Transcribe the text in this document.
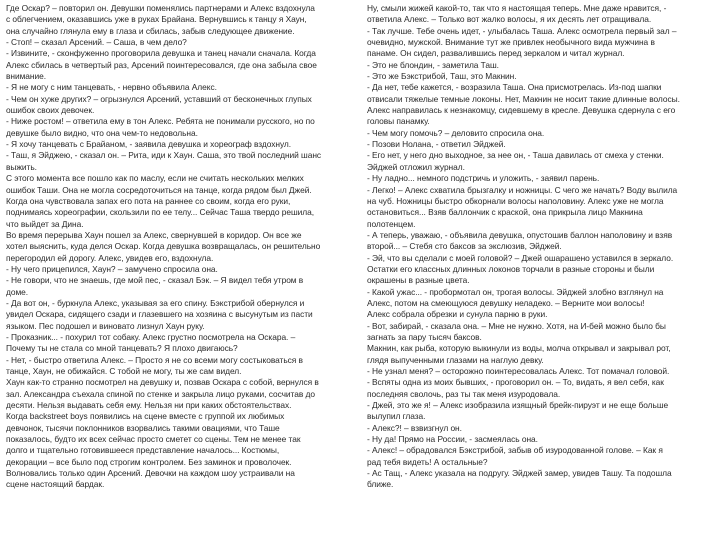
Где Оскар? – повторил он. Девушки поменялись партнерами и Алекс вздохнула
с облегчением, оказавшись уже в руках Брайана. Вернувшись к танцу я Хаун,
она случайно глянула ему в глаза и сбилась, забыв следующее движение.
- Стоп! – сказал Арсений. – Саша, в чем дело?
- Извините, - сконфуженно проговорила девушка и танец начали сначала. Когда
Алекс сбилась в четвертый раз, Арсений поинтересовался, где она забыла свое
внимание.
- Я не могу с ним танцевать, - нервно объявила Алекс.
- Чем он хуже других? – огрызнулся Арсений, уставший от бесконечных глупых
ошибок своих девочек.
- Ниже ростом! – ответила ему в тон Алекс. Ребята не понимали русского, но по
девушке было видно, что она чем-то недовольна.
- Я хочу танцевать с Брайаном, - заявила девушка и хореограф вздохнул.
- Таш, я Эйджею, - сказал он. – Рита, иди к Хаун. Саша, это твой последний шанс
выжить.
С этого момента все пошло как по маслу, если не считать нескольких мелких
ошибок Таши. Она не могла сосредоточиться на танце, когда рядом был Джей.
Когда она чувствовала запах его пота на раннее со своим, когда его руки,
поднимаясь хореографии, скользили по ее телу... Сейчас Таша твердо решила,
что выйдет за Дина.
Во время перерыва Хаун пошел за Алекс, свернувшей в коридор. Он все же
хотел выяснить, куда делся Оскар. Когда девушка возвращалась, он решительно
перегородил ей дорогу. Алекс, увидев его, вздохнула.
- Ну чего прицепился, Хаун? – замучено спросила она.
- Не говори, что не знаешь, где мой пес, - сказал Бэк. – Я видел тебя утром в
доме.
- Да вот он, - буркнула Алекс, указывая за его спину. Бэкстрибой обернулся и
увидел Оскара, сидящего сзади и глазевшего на хозяина с высунутым из пасти
языком. Пес подошел и виновато лизнул Хаун руку.
- Проказник... - похурил тот собаку. Алекс грустно посмотрела на Оскара. –
Почему ты не стала со мной танцевать? Я плохо двигаюсь?
- Нет, - быстро ответила Алекс. – Просто я не со всеми могу состыковаться в
танце, Хаун, не обижайся. С тобой не могу, ты же сам видел.
Хаун как-то странно посмотрел на девушку и, позвав Оскара с собой, вернулся в
зал. Александра съехала спиной по стенке и закрыла лицо руками, сосчитав до
десяти. Нельзя выдавать себя ему. Нельзя ни при каких обстоятельствах.
Когда backstreet boys появились на сцене вместе с группой их любимых
девчонок, тысячи поклонников взорвались такими овациями, что Таше
показалось, будто их всех сейчас просто сметет со сцены. Тем не менее так
долго и тщательно готовившееся представление началось... Костюмы,
декорации – все было под строгим контролем. Без заминок и проволочек.
Волновались только один Арсений. Девочки на каждом шоу устраивали на
сцене настоящий бардак.
Ну, смыли жижей какой-то, так что я настоящая теперь. Мне даже нравится, -
ответила Алекс. – Только вот жалко волосы, я их десять лет отращивала.
- Так лучше. Тебе очень идет, - улыбалась Таша. Алекс осмотрела первый зал –
очевидно, мужской. Внимание тут же привлек необычного вида мужчина в
панаме. Он сидел, развалившись перед зеркалом и читал журнал.
- Это не блондин, - заметила Таш.
- Это же Бэкстрибой, Таш, это Макнин.
- Да нет, тебе кажется, - возразила Таша. Она присмотрелась. Из-под шапки
отвисали тяжелые темные локоны. Нет, Макнин не носит такие длинные волосы.
Алекс направилась к незнакомцу, сидевшему в кресле. Девушка сдернула с его
головы панамку.
- Чем могу помочь? – деловито спросила она.
- Позови Нолана, - ответил Эйджей.
- Его нет, у него дно выходное, за нее он, - Таша давилась от смеха у стенки.
Эйджей отложил журнал.
- Ну ладно... немного подстричь и уложить, - заявил парень.
- Легко! – Алекс схватила брызгалку и ножницы. С чего же начать? Воду вылила
на чуб. Ножницы быстро обкорнали волосы наполовину. Алекс уже не могла
остановиться... Взяв баллончик с краской, она прикрыла лицо Макнина
полотенцем.
- А теперь, уважаю, - объявила девушка, опустошив баллон наполовину и взяв
второй... – Стебя сто баксов за экслюзив, Эйджей.
- Эй, что вы сделали с моей головой? – Джей ошарашено уставился в зеркало.
Остатки его классных длинных локонов торчали в разные стороны и были
окрашены в разные цвета.
- Какой ужас... - пробормотал он, трогая волосы. Эйджей злобно взглянул на
Алекс, потом на смеющуюся девушку неладеко. – Верните мои волосы!
Алекс собрала обрезки и сунула парню в руки.
- Вот, забирай, - сказала она. – Мне не нужно. Хотя, на И-бей можно было бы
загнать за пару тысяч баксов.
Макнин, как рыба, которую выкинули из воды, молча открывал и закрывал рот,
глядя выпученными глазами на наглую девку.
- Не узнал меня? – осторожно поинтересовалась Алекс. Тот помачал головой.
- Вспяты одна из моих бывших, - проговорил он. – То, видать, я вел себя, как
последняя сволочь, раз ты так меня изуродовала.
- Джей, это же я! – Алекс изобразила изящный брейк-пируэт и не еще больше
вылупил глаза.
- Алекс?! – взвизгнул он.
- Ну да! Прямо на России, - засмеялась она.
- Алекс! – обрадовался Бэкстрибой, забыв об изуродованной голове. – Как я
рад тебя видеть! А остальные?
- Ас Тащ, - Алекс указала на подругу. Эйджей замер, увидев Ташу. Та подошла
ближе.
